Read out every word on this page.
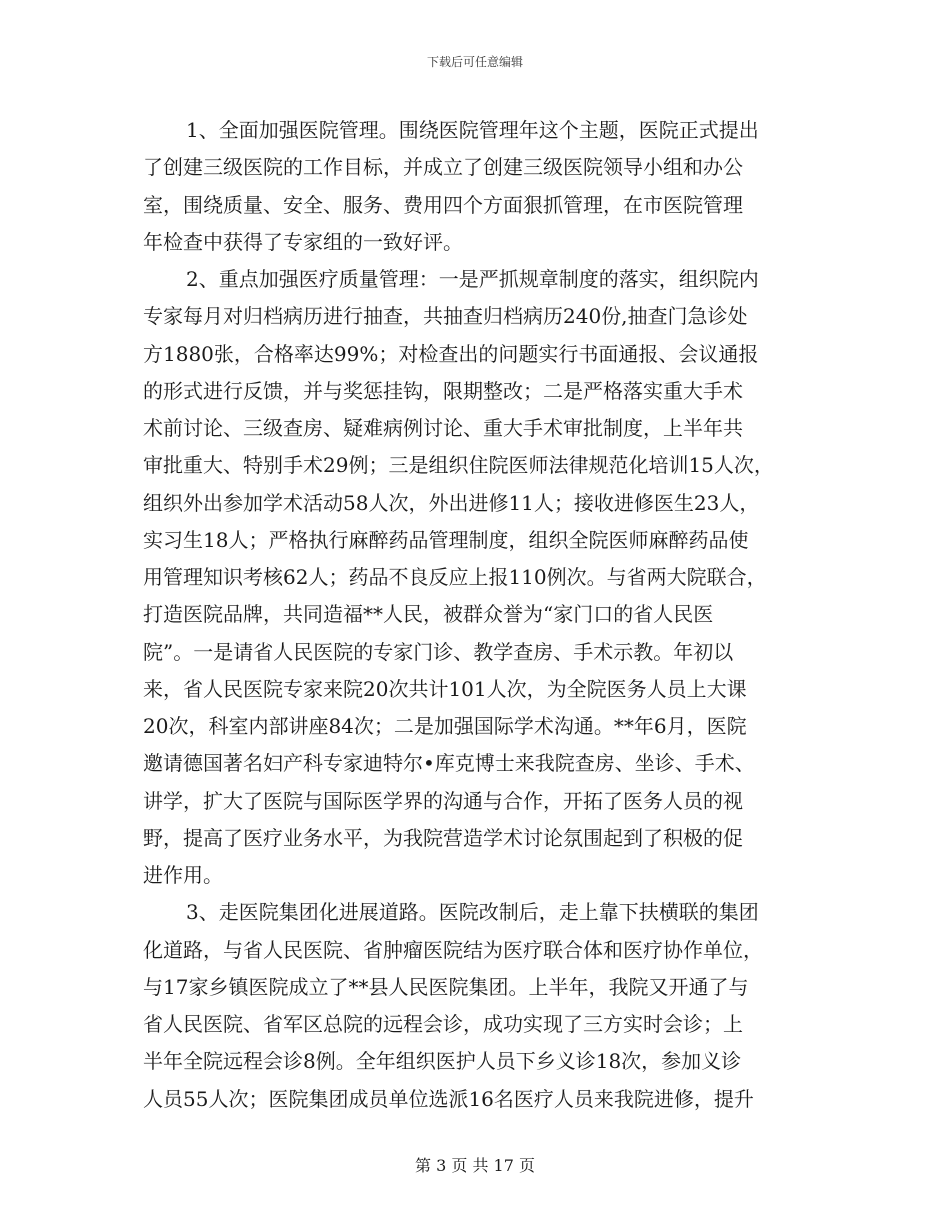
下载后可任意编辑
1、全面加强医院管理。围绕医院管理年这个主题，医院正式提出
了创建三级医院的工作目标，并成立了创建三级医院领导小组和办公
室，围绕质量、安全、服务、费用四个方面狠抓管理，在市医院管理
年检查中获得了专家组的一致好评。
2、重点加强医疗质量管理：一是严抓规章制度的落实，组织院内
专家每月对归档病历进行抽查，共抽查归档病历240份,抽查门急诊处
方1880张，合格率达99%；对检查出的问题实行书面通报、会议通报
的形式进行反馈，并与奖惩挂钩，限期整改；二是严格落实重大手术
术前讨论、三级查房、疑难病例讨论、重大手术审批制度，上半年共
审批重大、特别手术29例；三是组织住院医师法律规范化培训15人次，
组织外出参加学术活动58人次，外出进修11人；接收进修医生23人，
实习生18人；严格执行麻醉药品管理制度，组织全院医师麻醉药品使
用管理知识考核62人；药品不良反应上报110例次。与省两大院联合，
打造医院品牌，共同造福**人民，被群众誉为“家门口的省人民医
院”。一是请省人民医院的专家门诊、教学查房、手术示教。年初以
来，省人民医院专家来院20次共计101人次，为全院医务人员上大课
20次，科室内部讲座84次；二是加强国际学术沟通。**年6月，医院
邀请德国著名妇产科专家迪特尔•库克博士来我院查房、坐诊、手术、
讲学，扩大了医院与国际医学界的沟通与合作，开拓了医务人员的视
野，提高了医疗业务水平，为我院营造学术讨论氛围起到了积极的促
进作用。
3、走医院集团化进展道路。医院改制后，走上靠下扶横联的集团
化道路，与省人民医院、省肿瘤医院结为医疗联合体和医疗协作单位，
与17家乡镇医院成立了**县人民医院集团。上半年，我院又开通了与
省人民医院、省军区总院的远程会诊，成功实现了三方实时会诊；上
半年全院远程会诊8例。全年组织医护人员下乡义诊18次，参加义诊
人员55人次；医院集团成员单位选派16名医疗人员来我院进修，提升
第 3 页 共 17 页
